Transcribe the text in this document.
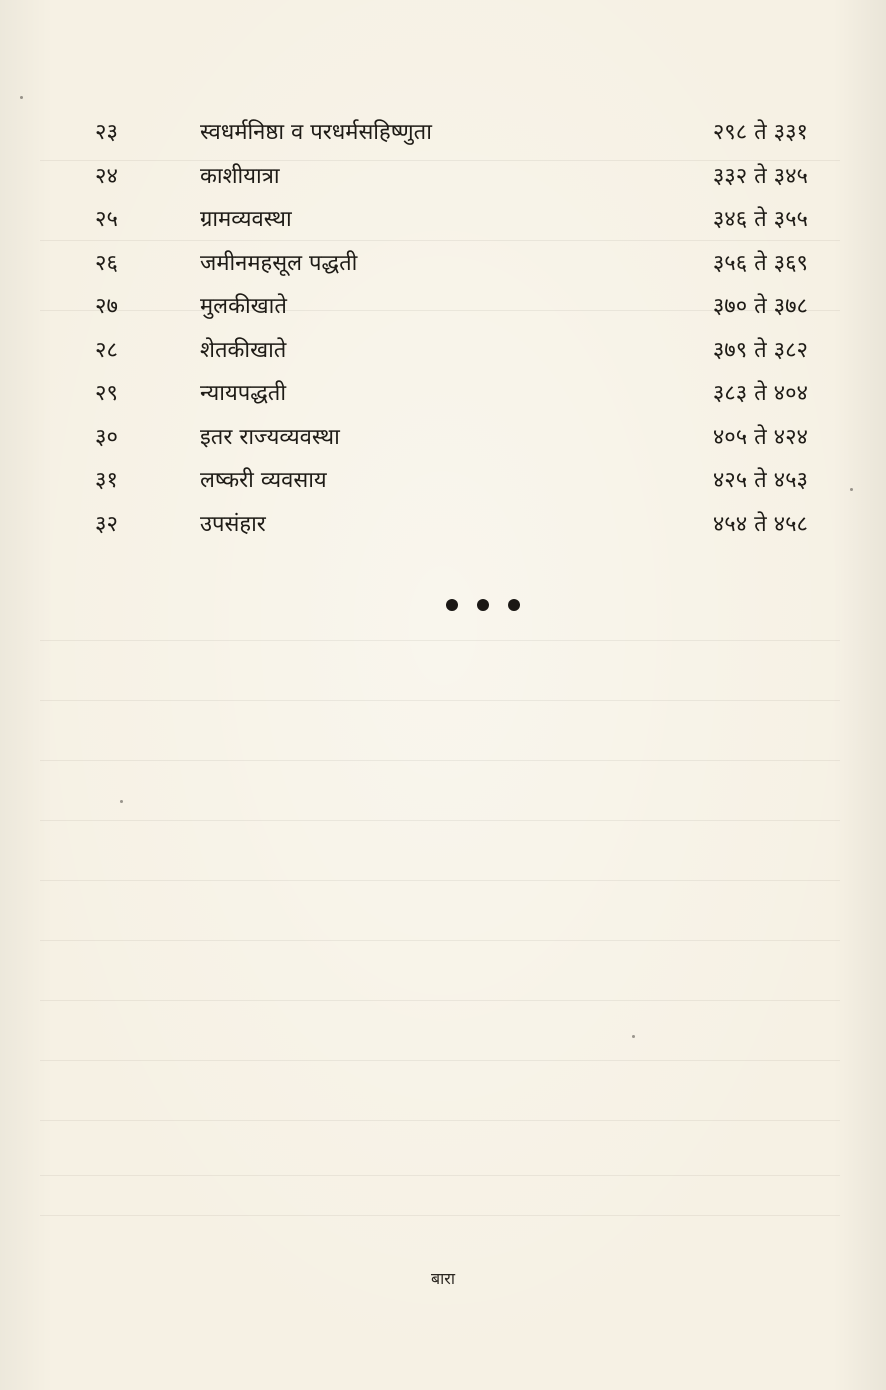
२३	स्वधर्मनिष्ठा व परधर्मसहिष्णुता	२९८ ते ३३१
२४	काशीयात्रा	३३२ ते ३४५
२५	ग्रामव्यवस्था	३४६ ते ३५५
२६	जमीनमहसूल पद्धती	३५६ ते ३६९
२७	मुलकीखाते	३७० ते ३७८
२८	शेतकीखाते	३७९ ते ३८२
२९	न्यायपद्धती	३८३ ते ४०४
३०	इतर राज्यव्यवस्था	४०५ ते ४२४
३१	लष्करी व्यवसाय	४२५ ते ४५३
३२	उपसंहार	४५४ ते ४५८
बारा
